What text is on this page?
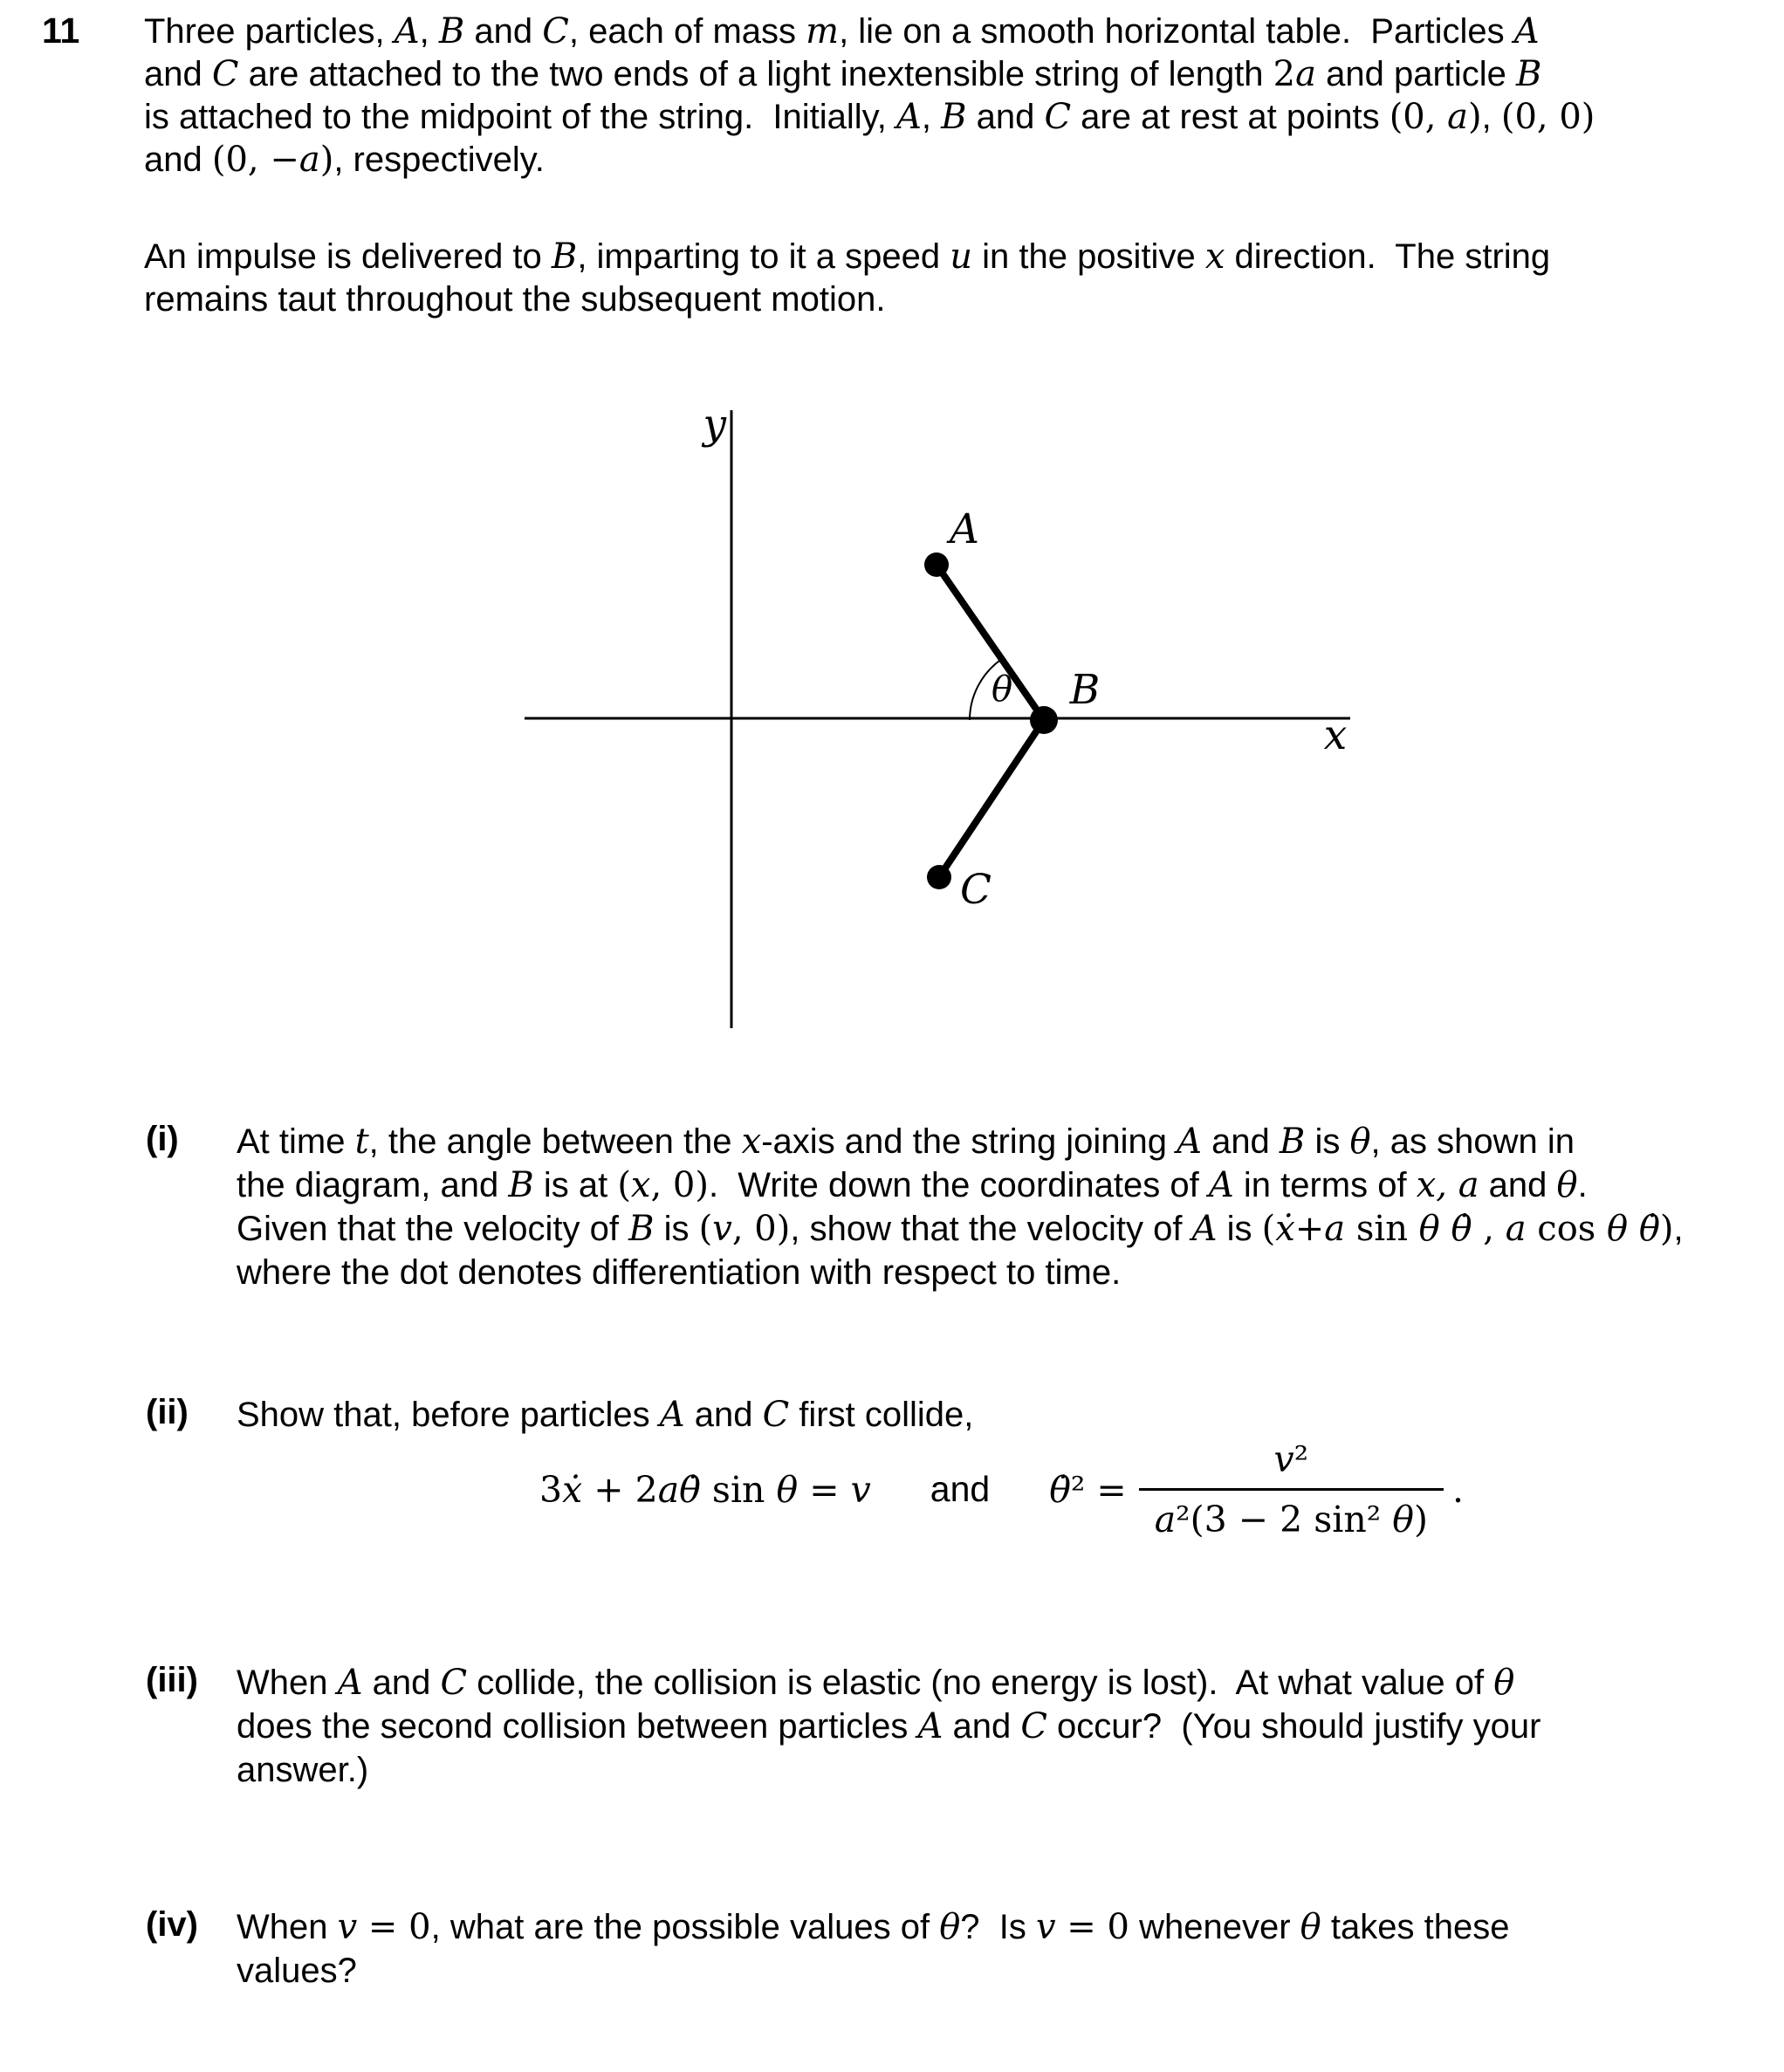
11 Three particles, A, B and C, each of mass m, lie on a smooth horizontal table.  Particles A
and C are attached to the two ends of a light inextensible string of length 2a and particle B
is attached to the midpoint of the string.  Initially, A, B and C are at rest at points (0, a), (0, 0)
and (0, −a), respectively.
An impulse is delivered to B, imparting to it a speed u in the positive x direction.  The string
remains taut throughout the subsequent motion.
y
x
A
B
C
θ
(i) At time t, the angle between the x-axis and the string joining A and B is θ, as shown in
the diagram, and B is at (x, 0).  Write down the coordinates of A in terms of x, a and θ.
Given that the velocity of B is (v, 0), show that the velocity of A is (ẋ+a sin θ θ̇ , a cos θ θ̇),
where the dot denotes differentiation with respect to time.
(ii) Show that, before particles A and C first collide,
3ẋ + 2aθ̇ sin θ = v and θ̇² = $\frac{\text{v²}}{\text{a²(3 − 2 sin² θ)}}$ .
(iii) When A and C collide, the collision is elastic (no energy is lost).  At what value of θ
does the second collision between particles A and C occur?  (You should justify your
answer.)
(iv) When v = 0, what are the possible values of θ?  Is v = 0 whenever θ takes these
values?
